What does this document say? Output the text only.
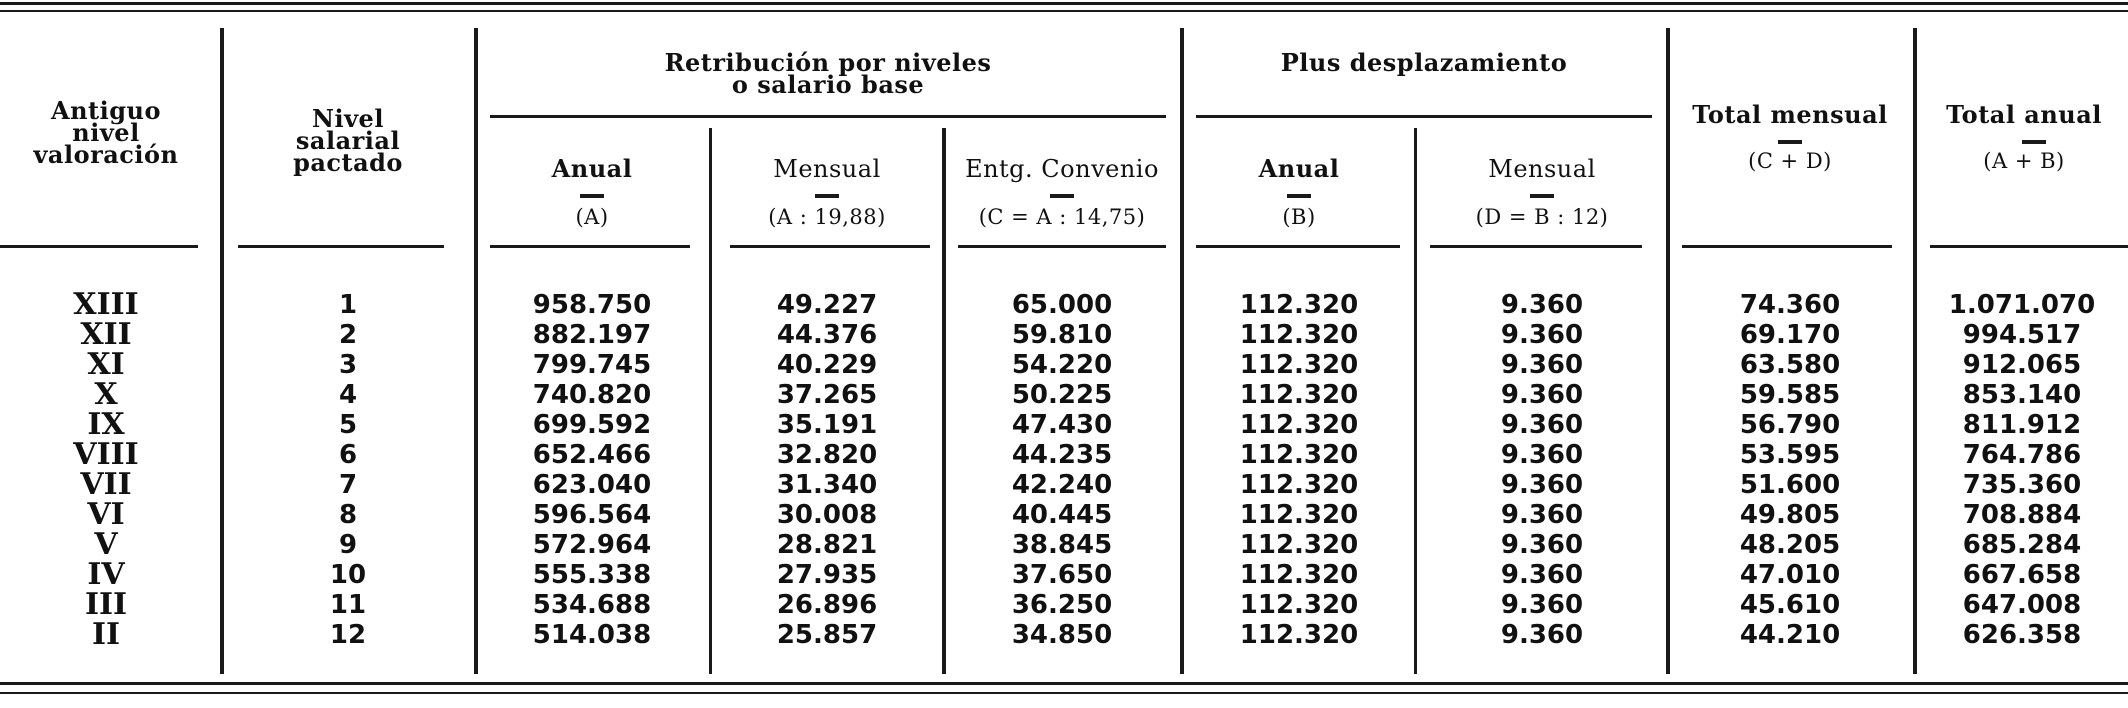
Antiguo
nivel
valoración
Nivel
salarial
pactado
Retribución por niveles
o salario base
Plus desplazamiento
Total mensual
(C + D)
Total anual
(A + B)
Anual
(A)
Mensual
(A : 19,88)
Entg. Convenio
(C = A : 14,75)
Anual
(B)
Mensual
(D = B : 12)
XIII
XII
XI
X
IX
VIII
VII
VI
V
IV
III
II
1
2
3
4
5
6
7
8
9
10
11
12
958.750
882.197
799.745
740.820
699.592
652.466
623.040
596.564
572.964
555.338
534.688
514.038
49.227
44.376
40.229
37.265
35.191
32.820
31.340
30.008
28.821
27.935
26.896
25.857
65.000
59.810
54.220
50.225
47.430
44.235
42.240
40.445
38.845
37.650
36.250
34.850
112.320
112.320
112.320
112.320
112.320
112.320
112.320
112.320
112.320
112.320
112.320
112.320
9.360
9.360
9.360
9.360
9.360
9.360
9.360
9.360
9.360
9.360
9.360
9.360
74.360
69.170
63.580
59.585
56.790
53.595
51.600
49.805
48.205
47.010
45.610
44.210
1.071.070
994.517
912.065
853.140
811.912
764.786
735.360
708.884
685.284
667.658
647.008
626.358
